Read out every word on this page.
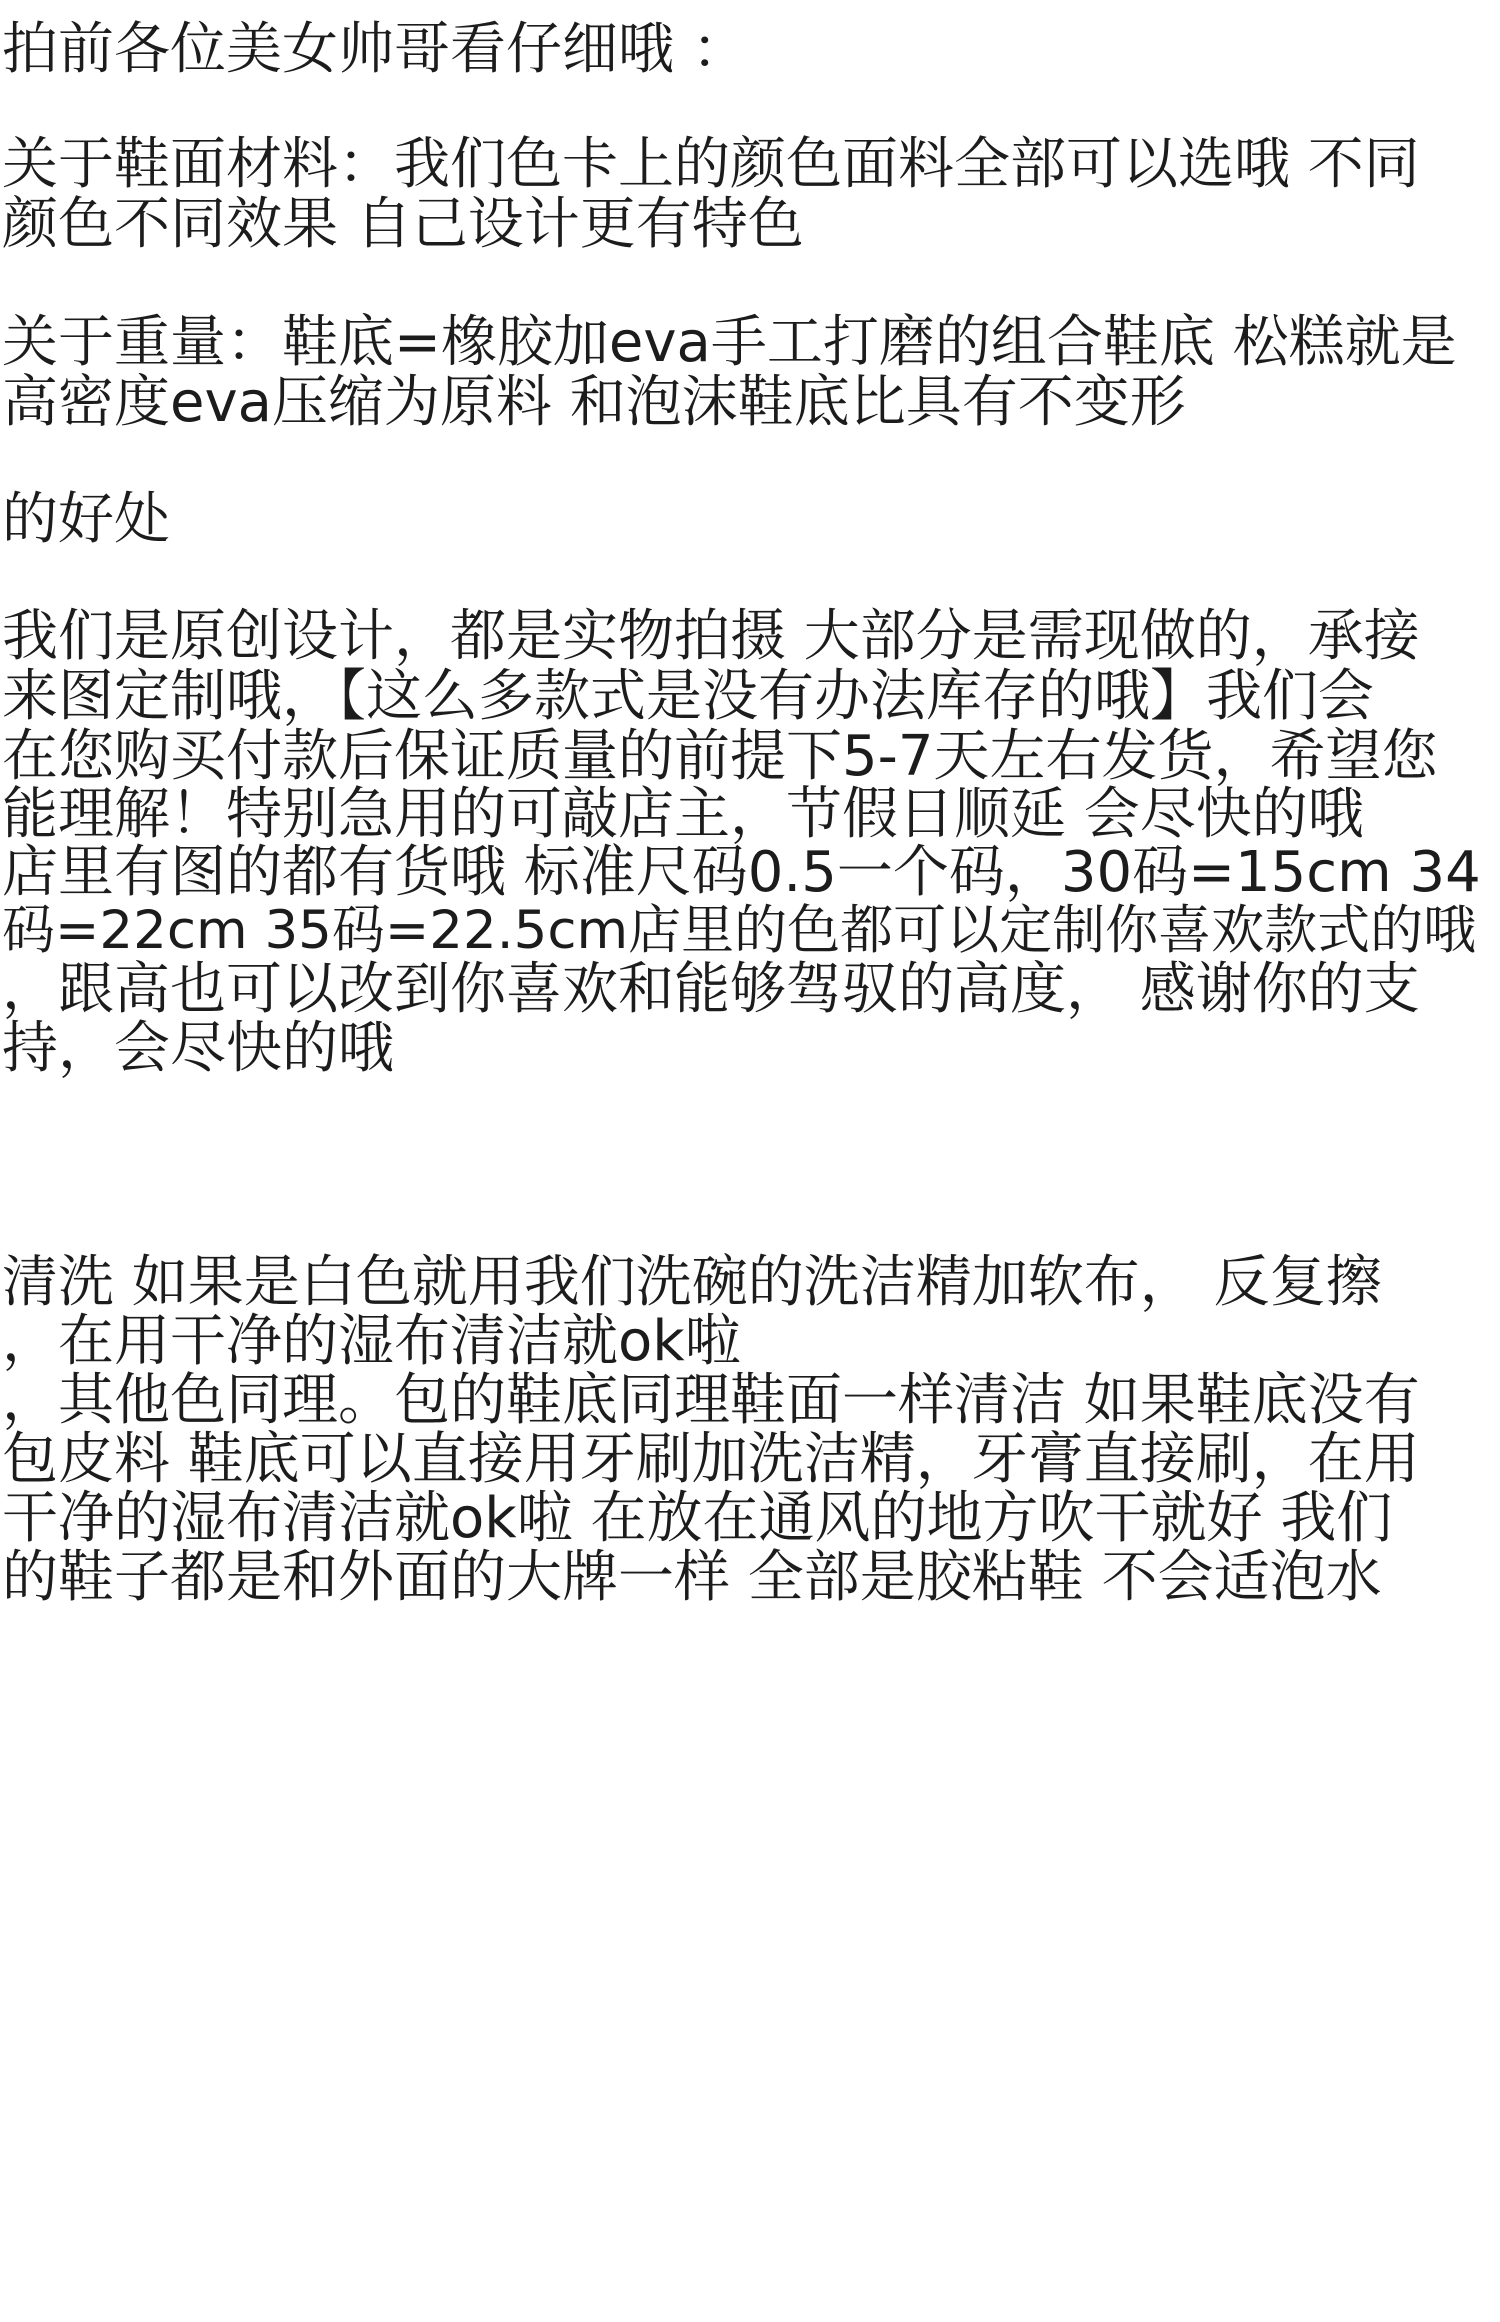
拍前各位美女帅哥看仔细哦 ：
关于鞋面材料：我们色卡上的颜色面料全部可以选哦 不同
颜色不同效果 自己设计更有特色
关于重量：鞋底=橡胶加eva手工打磨的组合鞋底 松糕就是
高密度eva压缩为原料 和泡沫鞋底比具有不变形
的好处
我们是原创设计，都是实物拍摄 大部分是需现做的，承接
来图定制哦，【这么多款式是没有办法库存的哦】我们会
在您购买付款后保证质量的前提下5-7天左右发货，希望您
能理解！特别急用的可敲店主，节假日顺延 会尽快的哦
店里有图的都有货哦 标准尺码0.5一个码，30码=15cm 34
码=22cm 35码=22.5cm店里的色都可以定制你喜欢款式的哦
，跟高也可以改到你喜欢和能够驾驭的高度， 感谢你的支
持，会尽快的哦
清洗 如果是白色就用我们洗碗的洗洁精加软布， 反复擦
，在用干净的湿布清洁就ok啦
，其他色同理。包的鞋底同理鞋面一样清洁 如果鞋底没有
包皮料 鞋底可以直接用牙刷加洗洁精，牙膏直接刷，在用
干净的湿布清洁就ok啦 在放在通风的地方吹干就好 我们
的鞋子都是和外面的大牌一样 全部是胶粘鞋 不会适泡水
